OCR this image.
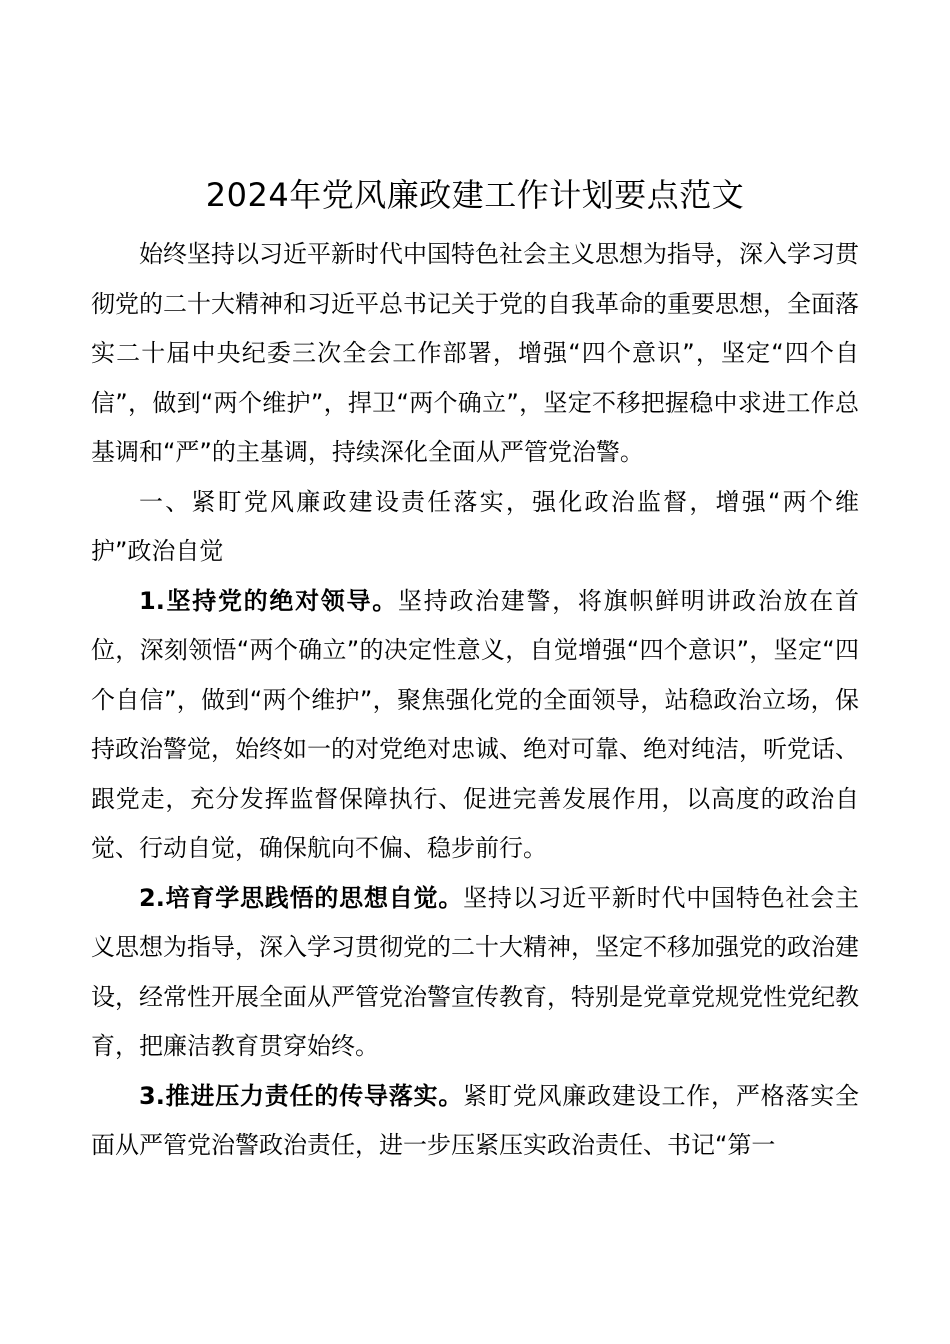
2024年党风廉政建工作计划要点范文

始终坚持以习近平新时代中国特色社会主义思想为指导，深入学习贯彻党的二十大精神和习近平总书记关于党的自我革命的重要思想，全面落实二十届中央纪委三次全会工作部署，增强“四个意识”，坚定“四个自信”，做到“两个维护”，捍卫“两个确立”，坚定不移把握稳中求进工作总基调和“严”的主基调，持续深化全面从严管党治警。

一、紧盯党风廉政建设责任落实，强化政治监督，增强“两个维护”政治自觉

1.坚持党的绝对领导。坚持政治建警，将旗帜鲜明讲政治放在首位，深刻领悟“两个确立”的决定性意义，自觉增强“四个意识”，坚定“四个自信”，做到“两个维护”，聚焦强化党的全面领导，站稳政治立场，保持政治警觉，始终如一的对党绝对忠诚、绝对可靠、绝对纯洁，听党话、跟党走，充分发挥监督保障执行、促进完善发展作用，以高度的政治自觉、行动自觉，确保航向不偏、稳步前行。

2.培育学思践悟的思想自觉。坚持以习近平新时代中国特色社会主义思想为指导，深入学习贯彻党的二十大精神，坚定不移加强党的政治建设，经常性开展全面从严管党治警宣传教育，特别是党章党规党性党纪教育，把廉洁教育贯穿始终。

3.推进压力责任的传导落实。紧盯党风廉政建设工作，严格落实全面从严管党治警政治责任，进一步压紧压实政治责任、书记“第一
